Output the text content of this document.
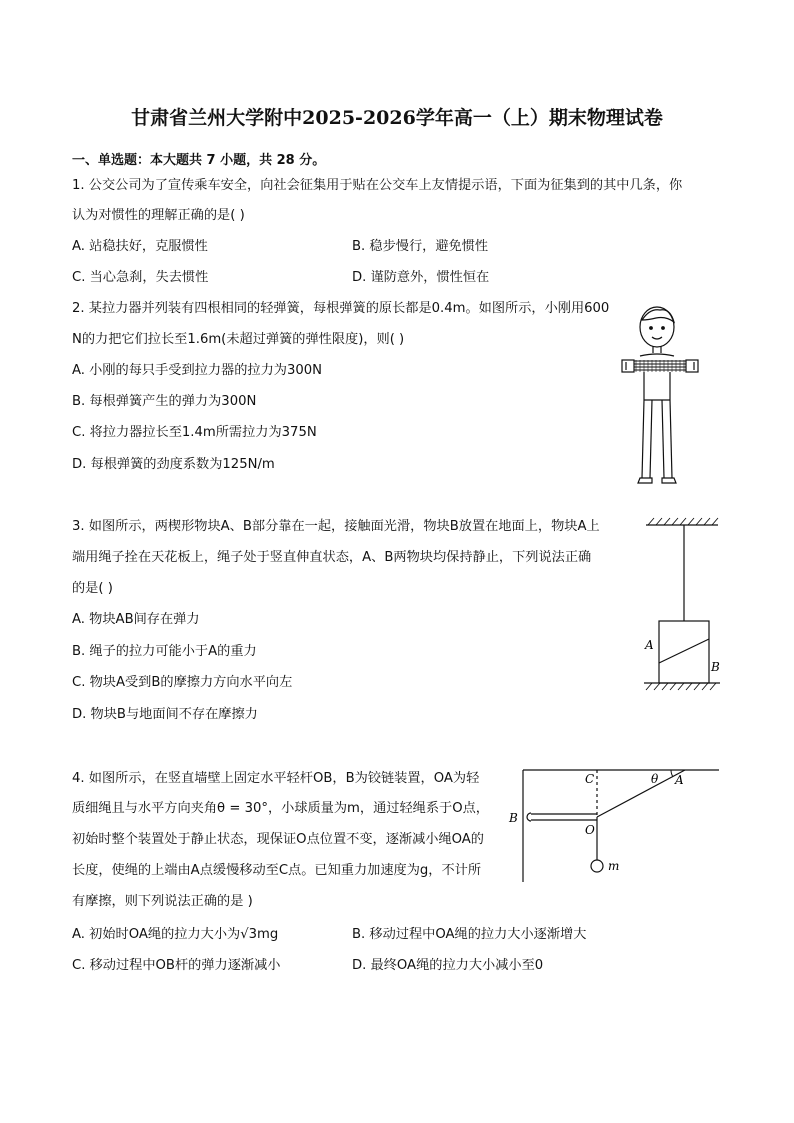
甘肃省兰州大学附中2025-2026学年高一（上）期末物理试卷
一、单选题：本大题共 7 小题，共 28 分。
1. 公交公司为了宣传乘车安全，向社会征集用于贴在公交车上友情提示语，下面为征集到的其中几条，你
认为对惯性的理解正确的是( )
A. 站稳扶好，克服惯性	B. 稳步慢行，避免惯性
C. 当心急刹，失去惯性	D. 谨防意外，惯性恒在
2. 某拉力器并列装有四根相同的轻弹簧，每根弹簧的原长都是0.4m。如图所示，小刚用600
N的力把它们拉长至1.6m(未超过弹簧的弹性限度)，则( )
A. 小刚的每只手受到拉力器的拉力为300N
B. 每根弹簧产生的弹力为300N
C. 将拉力器拉长至1.4m所需拉力为375N
D. 每根弹簧的劲度系数为125N/m
3. 如图所示，两楔形物块A、B部分靠在一起，接触面光滑，物块B放置在地面上，物块A上
端用绳子拴在天花板上，绳子处于竖直伸直状态，A、B两物块均保持静止，下列说法正确
的是( )
A. 物块AB间存在弹力
B. 绳子的拉力可能小于A的重力
C. 物块A受到B的摩擦力方向水平向左
D. 物块B与地面间不存在摩擦力
A
B
4. 如图所示，在竖直墙壁上固定水平轻杆OB，B为铰链装置，OA为轻
质细绳且与水平方向夹角θ = 30°，小球质量为m，通过轻绳系于O点，
初始时整个装置处于静止状态，现保证O点位置不变，逐渐减小绳OA的
长度，使绳的上端由A点缓慢移动至C点。已知重力加速度为g，不计所
有摩擦，则下列说法正确的是 )
A. 初始时OA绳的拉力大小为√3mg	B. 移动过程中OA绳的拉力大小逐渐增大
C. 移动过程中OB杆的弹力逐渐减小	D. 最终OA绳的拉力大小减小至0
C	θ A
B
O
m
